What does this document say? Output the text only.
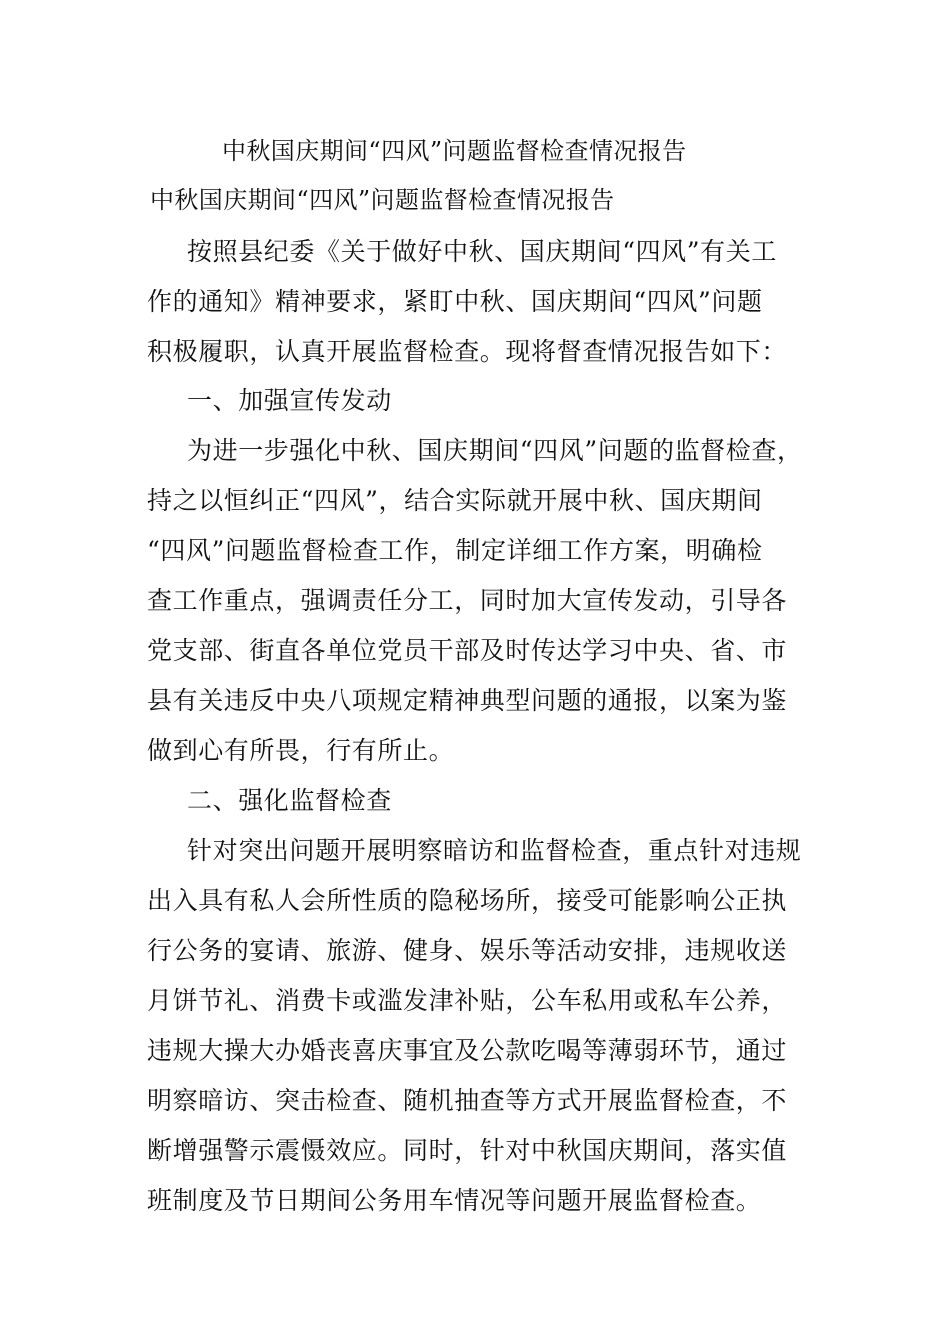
中秋国庆期间“四风”问题监督检查情况报告
中秋国庆期间“四风”问题监督检查情况报告
按照县纪委《关于做好中秋、国庆期间“四风”有关工
作的通知》精神要求，紧盯中秋、国庆期间“四风”问题
积极履职，认真开展监督检查。现将督查情况报告如下：
一、加强宣传发动
为进一步强化中秋、国庆期间“四风”问题的监督检查，
持之以恒纠正“四风”，结合实际就开展中秋、国庆期间
“四风”问题监督检查工作，制定详细工作方案，明确检
查工作重点，强调责任分工，同时加大宣传发动，引导各
党支部、街直各单位党员干部及时传达学习中央、省、市
县有关违反中央八项规定精神典型问题的通报，以案为鉴
做到心有所畏，行有所止。
二、强化监督检查
针对突出问题开展明察暗访和监督检查，重点针对违规
出入具有私人会所性质的隐秘场所，接受可能影响公正执
行公务的宴请、旅游、健身、娱乐等活动安排，违规收送
月饼节礼、消费卡或滥发津补贴，公车私用或私车公养，
违规大操大办婚丧喜庆事宜及公款吃喝等薄弱环节，通过
明察暗访、突击检查、随机抽查等方式开展监督检查，不
断增强警示震慑效应。同时，针对中秋国庆期间，落实值
班制度及节日期间公务用车情况等问题开展监督检查。
